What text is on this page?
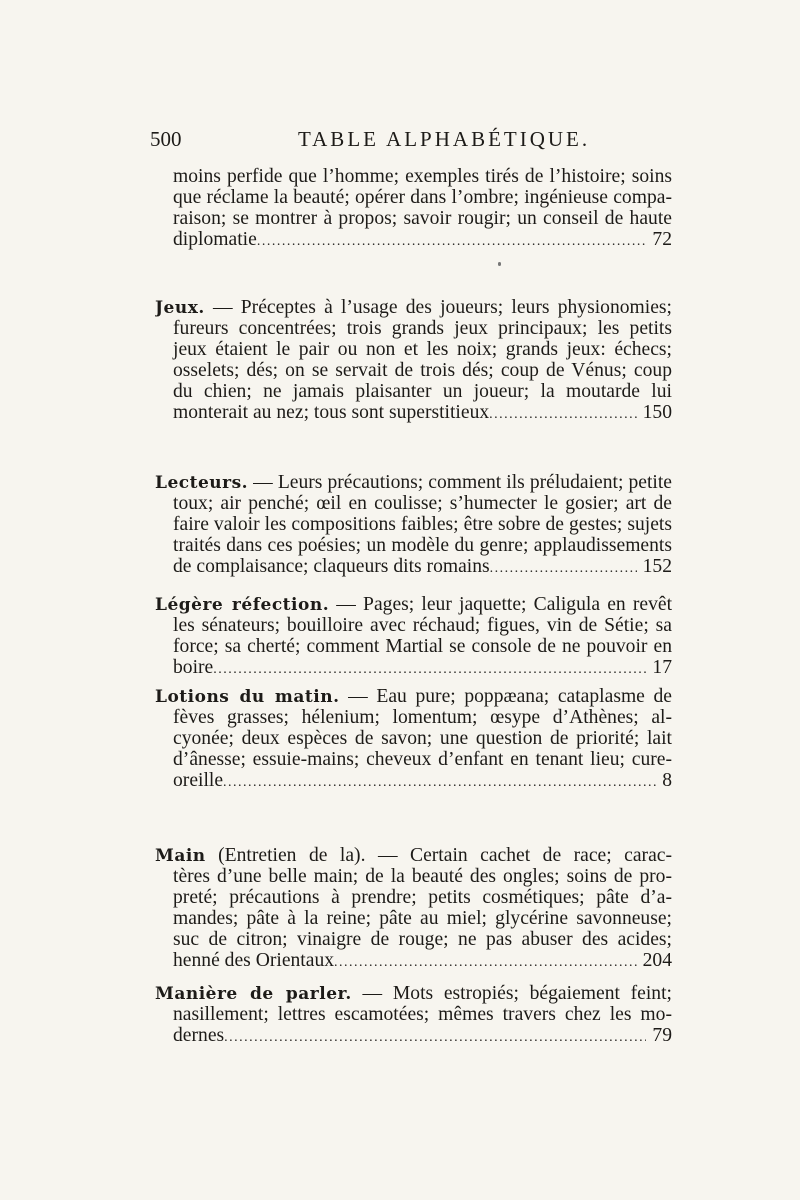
500	TABLE ALPHABÉTIQUE.
moins perfide que l’homme; exemples tirés de l’histoire; soins
que réclame la beauté; opérer dans l’ombre; ingénieuse compa-
raison; se montrer à propos; savoir rougir; un conseil de haute
diplomatie . . .	72
Jeux. — Préceptes à l’usage des joueurs; leurs physionomies;
fureurs concentrées; trois grands jeux principaux; les petits
jeux étaient le pair ou non et les noix; grands jeux: échecs;
osselets; dés; on se servait de trois dés; coup de Vénus; coup
du chien; ne jamais plaisanter un joueur; la moutarde lui
monterait au nez; tous sont superstitieux . . .	150
Lecteurs. — Leurs précautions; comment ils préludaient; petite
toux; air penché; œil en coulisse; s’humecter le gosier; art de
faire valoir les compositions faibles; être sobre de gestes; sujets
traités dans ces poésies; un modèle du genre; applaudissements
de complaisance; claqueurs dits romains . . .	152
Légère réfection. — Pages; leur jaquette; Caligula en revêt
les sénateurs; bouilloire avec réchaud; figues, vin de Sétie; sa
force; sa cherté; comment Martial se console de ne pouvoir en
boire . . .	17
Lotions du matin. — Eau pure; poppæana; cataplasme de
fèves grasses; hélenium; lomentum; œsype d’Athènes; al-
cyonée; deux espèces de savon; une question de priorité; lait
d’ânesse; essuie-mains; cheveux d’enfant en tenant lieu; cure-
oreille . . .	8
Main (Entretien de la). — Certain cachet de race; carac-
tères d’une belle main; de la beauté des ongles; soins de pro-
preté; précautions à prendre; petits cosmétiques; pâte d’a-
mandes; pâte à la reine; pâte au miel; glycérine savonneuse;
suc de citron; vinaigre de rouge; ne pas abuser des acides;
henné des Orientaux . . .	204
Manière de parler. — Mots estropiés; bégaiement feint;
nasillement; lettres escamotées; mêmes travers chez les mo-
dernes . . .	79
